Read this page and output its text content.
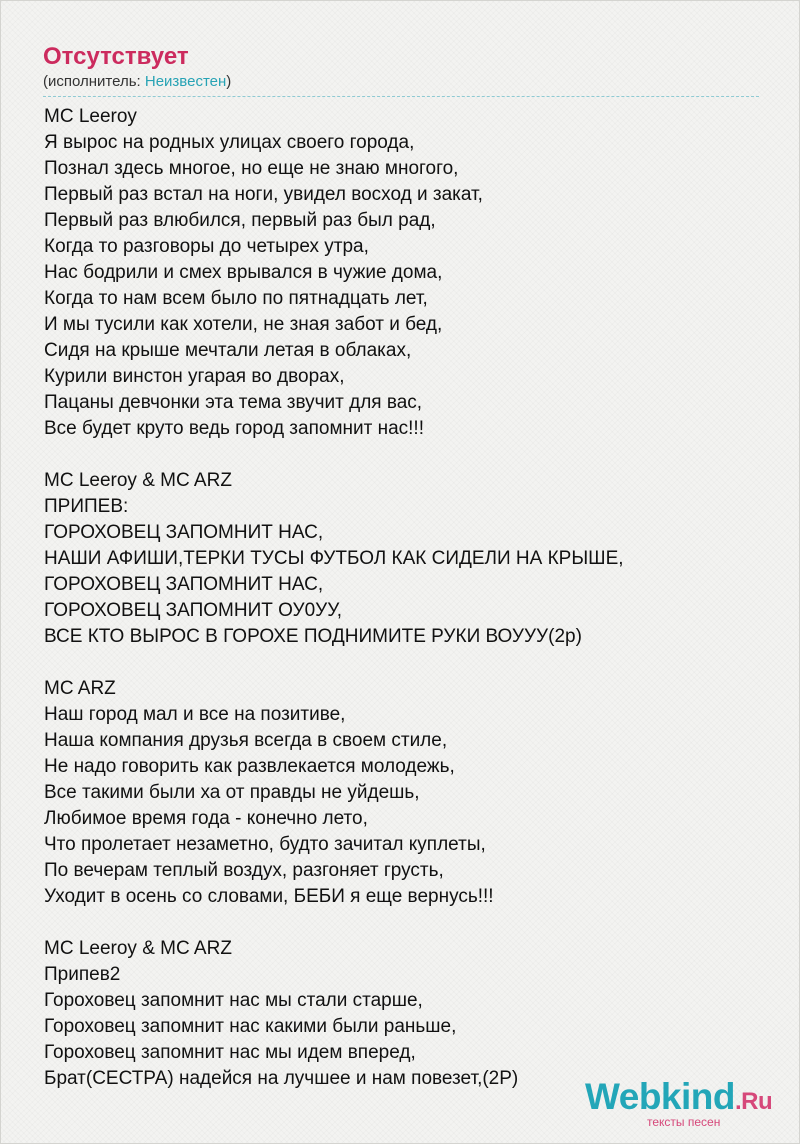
Отсутствует
(исполнитель: Неизвестен)
MC Leeroy
Я вырос на родных улицах своего города,
Познал здесь многое, но еще не знаю многого,
Первый раз встал на ноги, увидел восход и закат,
Первый раз влюбился, первый раз был рад,
Когда то разговоры до четырех утра,
Нас бодрили и смех врывался в чужие дома,
Когда то нам всем было по пятнадцать лет,
И мы тусили как хотели, не зная забот и бед,
Сидя на крыше мечтали летая в облаках,
Курили винстон угарая во дворах,
Пацаны девчонки эта тема звучит для вас,
Все будет круто ведь город запомнит нас!!!
MC Leeroy & MC ARZ
ПРИПЕВ:
ГОРОХОВЕЦ ЗАПОМНИТ НАС,
НАШИ АФИШИ,ТЕРКИ ТУСЫ ФУТБОЛ КАК СИДЕЛИ НА КРЫШЕ,
ГОРОХОВЕЦ ЗАПОМНИТ НАС,
ГОРОХОВЕЦ ЗАПОМНИТ ОУ0УУ,
ВСЕ КТО ВЫРОС В ГОРОХЕ ПОДНИМИТЕ РУКИ ВОУУУ(2р)
MC ARZ
Наш город мал и все на позитиве,
Наша компания друзья всегда в своем стиле,
Не надо говорить как развлекается молодежь,
Все такими были ха от правды не уйдешь,
Любимое время года - конечно лето,
Что пролетает незаметно, будто зачитал куплеты,
По вечерам теплый воздух, разгоняет грусть,
Уходит в осень со словами, БЕБИ я еще вернусь!!!
MC Leeroy & MC ARZ
Припев2
Гороховец запомнит нас мы стали старше,
Гороховец запомнит нас какими были раньше,
Гороховец запомнит нас мы идем вперед,
Брат(СЕСТРА) надейся на лучшее и нам повезет,(2Р)	Webkind.Ru
тексты песен
